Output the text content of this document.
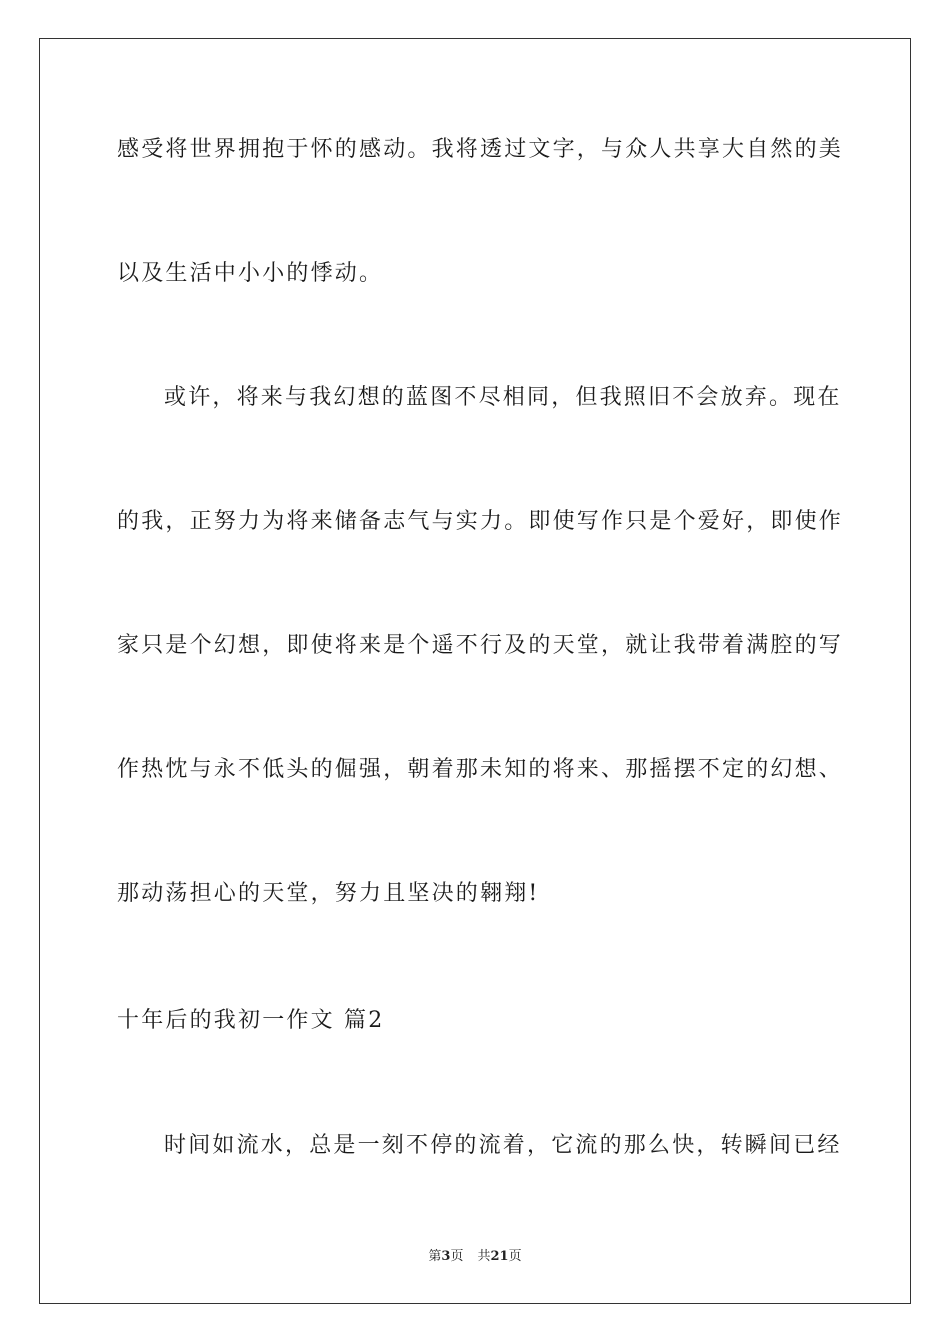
感受将世界拥抱于怀的感动。我将透过文字，与众人共享大自然的美
以及生活中小小的悸动。
或许，将来与我幻想的蓝图不尽相同，但我照旧不会放弃。现在
的我，正努力为将来储备志气与实力。即使写作只是个爱好，即使作
家只是个幻想，即使将来是个遥不行及的天堂，就让我带着满腔的写
作热忱与永不低头的倔强，朝着那未知的将来、那摇摆不定的幻想、
那动荡担心的天堂，努力且坚决的翱翔!
十年后的我初一作文 篇2
时间如流水，总是一刻不停的流着，它流的那么快，转瞬间已经
第3页 共21页
